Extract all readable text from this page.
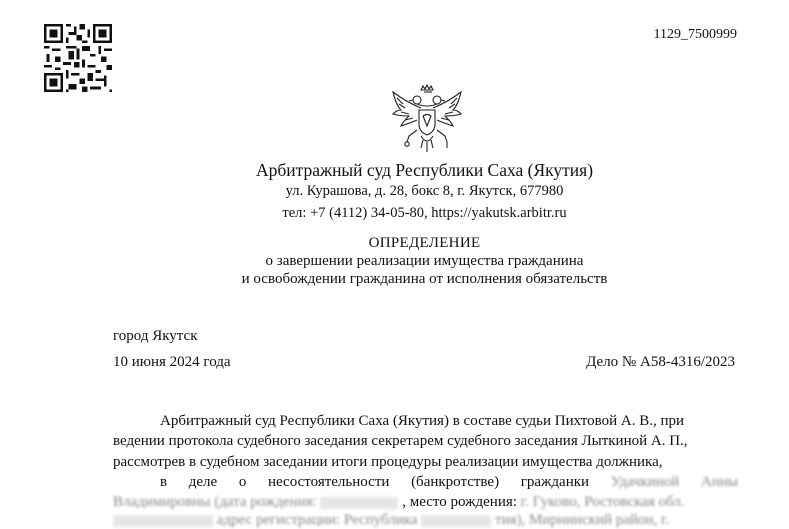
1129_7500999
Арбитражный суд Республики Саха (Якутия)
ул. Курашова, д. 28, бокс 8, г. Якутск, 677980
тел: +7 (4112) 34-05-80, https://yakutsk.arbitr.ru
ОПРЕДЕЛЕНИЕ
о завершении реализации имущества гражданина
и освобождении гражданина от исполнения обязательств
город Якутск
10 июня 2024 года	Дело № А58-4316/2023
Арбитражный суд Республики Саха (Якутия) в составе судьи Пихтовой А. В., при
ведении протокола судебного заседания секретарем судебного заседания Лыткиной А. П.,
рассмотрев в судебном заседании итоги процедуры реализации имущества должника,
в деле о несостоятельности (банкротстве) гражданки Удачкиной Анны
Владимировны (дата рождения:	, место рождения: г. Гуково, Ростовская обл.
адрес регистрации: Республика	тия), Мирнинский район, г.
